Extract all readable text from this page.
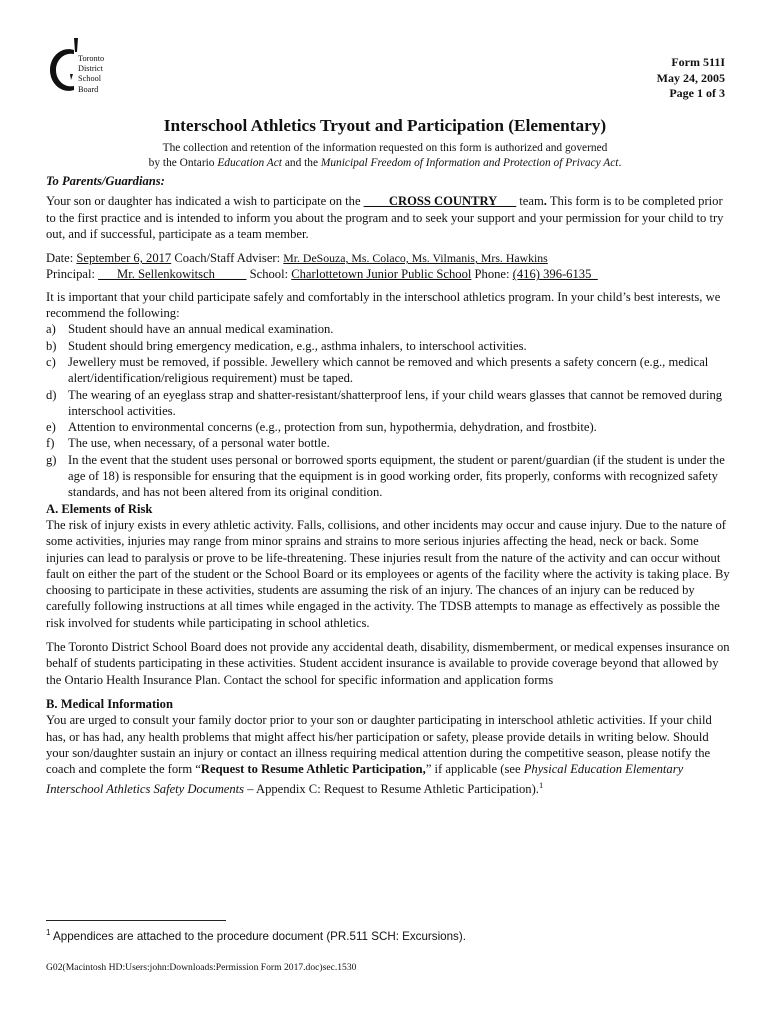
Toronto
District
School
Board
Form 511I
May 24, 2005
Page 1 of 3
Interschool Athletics Tryout and Participation (Elementary)
The collection and retention of the information requested on this form is authorized and governed
by the Ontario Education Act and the Municipal Freedom of Information and Protection of Privacy Act.

To Parents/Guardians:

Your son or daughter has indicated a wish to participate on the ____CROSS COUNTRY___ team. This form is to be completed prior to the first practice and is intended to inform you about the program and to seek your support and your permission for your child to try out, and if successful, participate as a team member.

Date: September 6, 2017 Coach/Staff Adviser: Mr. DeSouza, Ms. Colaco, Ms. Vilmanis, Mrs. Hawkins

Principal: ___Mr. Sellenkowitsch_____ School: Charlottetown Junior Public School Phone: (416) 396-6135_

It is important that your child participate safely and comfortably in the interschool athletics program. In your child’s best interests, we recommend the following:

a) Student should have an annual medical examination.
b) Student should bring emergency medication, e.g., asthma inhalers, to interschool activities.
c) Jewellery must be removed, if possible. Jewellery which cannot be removed and which presents a safety concern (e.g., medical alert/identification/religious requirement) must be taped.
d) The wearing of an eyeglass strap and shatter-resistant/shatterproof lens, if your child wears glasses that cannot be removed during interschool activities.
e) Attention to environmental concerns (e.g., protection from sun, hypothermia, dehydration, and frostbite).
f) The use, when necessary, of a personal water bottle.
g) In the event that the student uses personal or borrowed sports equipment, the student or parent/guardian (if the student is under the age of 18) is responsible for ensuring that the equipment is in good working order, fits properly, conforms with recognized safety standards, and has not been altered from its original condition.

A. Elements of Risk

The risk of injury exists in every athletic activity. Falls, collisions, and other incidents may occur and cause injury. Due to the nature of some activities, injuries may range from minor sprains and strains to more serious injuries affecting the head, neck or back. Some injuries can lead to paralysis or prove to be life-threatening. These injuries result from the nature of the activity and can occur without fault on either the part of the student or the School Board or its employees or agents of the facility where the activity is taking place. By choosing to participate in these activities, students are assuming the risk of an injury. The chances of an injury can be reduced by carefully following instructions at all times while engaged in the activity. The TDSB attempts to manage as effectively as possible the risk involved for students while participating in school athletics.

The Toronto District School Board does not provide any accidental death, disability, dismemberment, or medical expenses insurance on behalf of students participating in these activities. Student accident insurance is available to provide coverage beyond that allowed by the Ontario Health Insurance Plan. Contact the school for specific information and application forms

B. Medical Information

You are urged to consult your family doctor prior to your son or daughter participating in interschool athletic activities. If your child has, or has had, any health problems that might affect his/her participation or safety, please provide details in writing below. Should your son/daughter sustain an injury or contact an illness requiring medical attention during the competitive season, please notify the coach and complete the form “Request to Resume Athletic Participation,” if applicable (see Physical Education Elementary Interschool Athletics Safety Documents – Appendix C: Request to Resume Athletic Participation).$^1$

$^1$ Appendices are attached to the procedure document (PR.511 SCH: Excursions).
G02(Macintosh HD:Users:john:Downloads:Permission Form 2017.doc)sec.1530
